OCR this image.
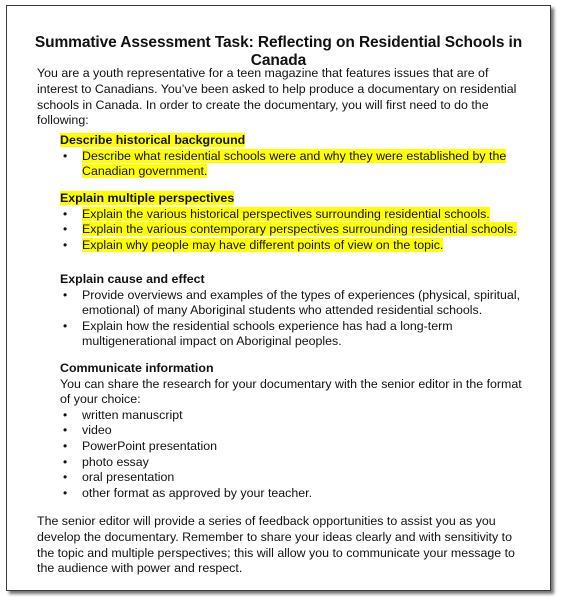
Summative Assessment Task: Reflecting on Residential Schools in Canada
You are a youth representative for a teen magazine that features issues that are of interest to Canadians. You’ve been asked to help produce a documentary on residential schools in Canada. In order to create the documentary, you will first need to do the following:
Describe historical background
• Describe what residential schools were and why they were established by the Canadian government.
Explain multiple perspectives
• Explain the various historical perspectives surrounding residential schools.
• Explain the various contemporary perspectives surrounding residential schools.
• Explain why people may have different points of view on the topic.
Explain cause and effect
• Provide overviews and examples of the types of experiences (physical, spiritual, emotional) of many Aboriginal students who attended residential schools.
• Explain how the residential schools experience has had a long-term multigenerational impact on Aboriginal peoples.
Communicate information
You can share the research for your documentary with the senior editor in the format of your choice:
• written manuscript
• video
• PowerPoint presentation
• photo essay
• oral presentation
• other format as approved by your teacher.
The senior editor will provide a series of feedback opportunities to assist you as you develop the documentary. Remember to share your ideas clearly and with sensitivity to the topic and multiple perspectives; this will allow you to communicate your message to the audience with power and respect.
